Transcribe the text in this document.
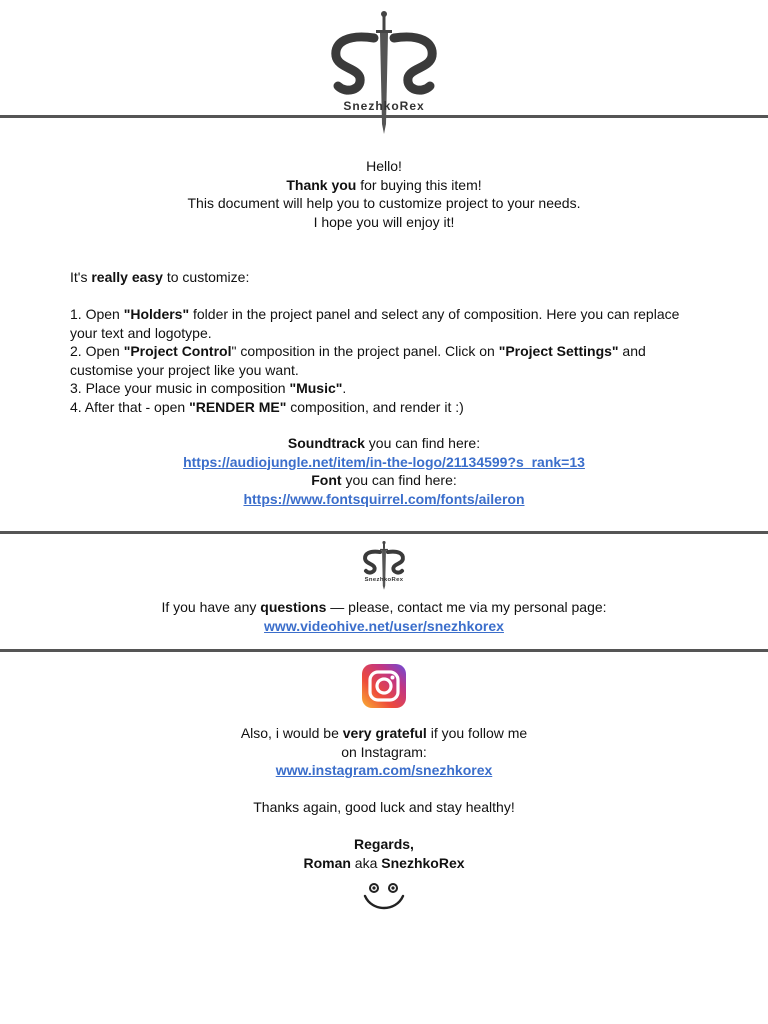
SnezhkoRex
Hello!
Thank you for buying this item!
This document will help you to customize project to your needs.
I hope you will enjoy it!
It's really easy to customize:
1. Open "Holders" folder in the project panel and select any of composition. Here you can replace your text and logotype.
2. Open "Project Control" composition in the project panel. Click on "Project Settings" and customise your project like you want.
3. Place your music in composition "Music".
4. After that - open "RENDER ME" composition, and render it :)
Soundtrack you can find here:
https://audiojungle.net/item/in-the-logo/21134599?s_rank=13
Font you can find here:
https://www.fontsquirrel.com/fonts/aileron
SnezhkoRex
If you have any questions — please, contact me via my personal page:
www.videohive.net/user/snezhkorex
Also, i would be very grateful if you follow me
on Instagram:
www.instagram.com/snezhkorex
Thanks again, good luck and stay healthy!
Regards,
Roman aka SnezhkoRex
